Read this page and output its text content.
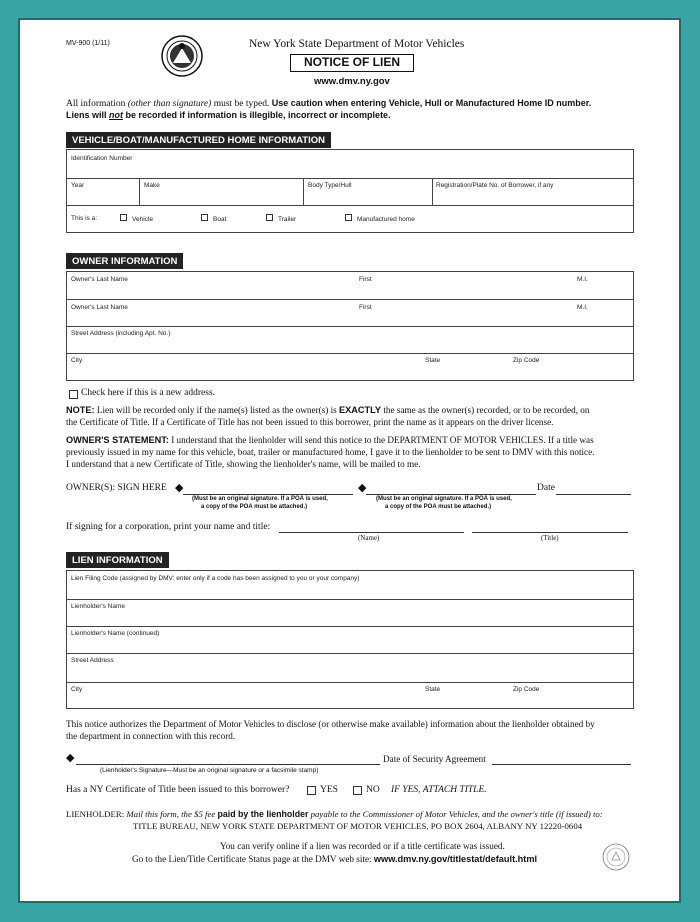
MV-900 (1/11)	New York State Department of Motor Vehicles
NOTICE OF LIEN
www.dmv.ny.gov
All information (other than signature) must be typed. Use caution when entering Vehicle, Hull or Manufactured Home ID number.
Liens will not be recorded if information is illegible, incorrect or incomplete.
VEHICLE/BOAT/MANUFACTURED HOME INFORMATION
Identification Number
Year	Make	Body Type/Hull	Registration/Plate No. of Borrower, if any
This is a:	Vehicle	Boat	Trailer	Manufactured home
OWNER INFORMATION
Owner's Last Name	First	M.I.
Owner's Last Name	First	M.I.
Street Address (including Apt. No.)
City	State	Zip Code
Check here if this is a new address.
NOTE: Lien will be recorded only if the name(s) listed as the owner(s) is EXACTLY the same as the owner(s) recorded, or to be recorded, on
the Certificate of Title. If a Certificate of Title has not been issued to this borrower, print the name as it appears on the driver license.
OWNER'S STATEMENT: I understand that the lienholder will send this notice to the DEPARTMENT OF MOTOR VEHICLES. If a title was
previously issued in my name for this vehicle, boat, trailer or manufactured home, I gave it to the lienholder to be sent to DMV with this notice.
I understand that a new Certificate of Title, showing the lienholder's name, will be mailed to me.
OWNER(S): SIGN HERE ◆	◆	Date
(Must be an original signature. If a POA is used,
a copy of the POA must be attached.)
(Must be an original signature. If a POA is used,
a copy of the POA must be attached.)
If signing for a corporation, print your name and title:
(Name)	(Title)
LIEN INFORMATION
Lien Filing Code (assigned by DMV: enter only if a code has been assigned to you or your company)
Lienholder's Name
Lienholder's Name (continued)
Street Address
City	State	Zip Code
This notice authorizes the Department of Motor Vehicles to disclose (or otherwise make available) information about the lienholder obtained by
the department in connection with this record.
◆	Date of Security Agreement
(Lienholder's Signature—Must be an original signature or a facsimile stamp)
Has a NY Certificate of Title been issued to this borrower?	YES	NO IF YES, ATTACH TITLE.
LIENHOLDER: Mail this form, the $5 fee paid by the lienholder payable to the Commissioner of Motor Vehicles, and the owner's title (if issued) to:
TITLE BUREAU, NEW YORK STATE DEPARTMENT OF MOTOR VEHICLES, PO BOX 2604, ALBANY NY 12220-0604
You can verify online if a lien was recorded or if a title certificate was issued.
Go to the Lien/Title Certificate Status page at the DMV web site: www.dmv.ny.gov/titlestat/default.html
